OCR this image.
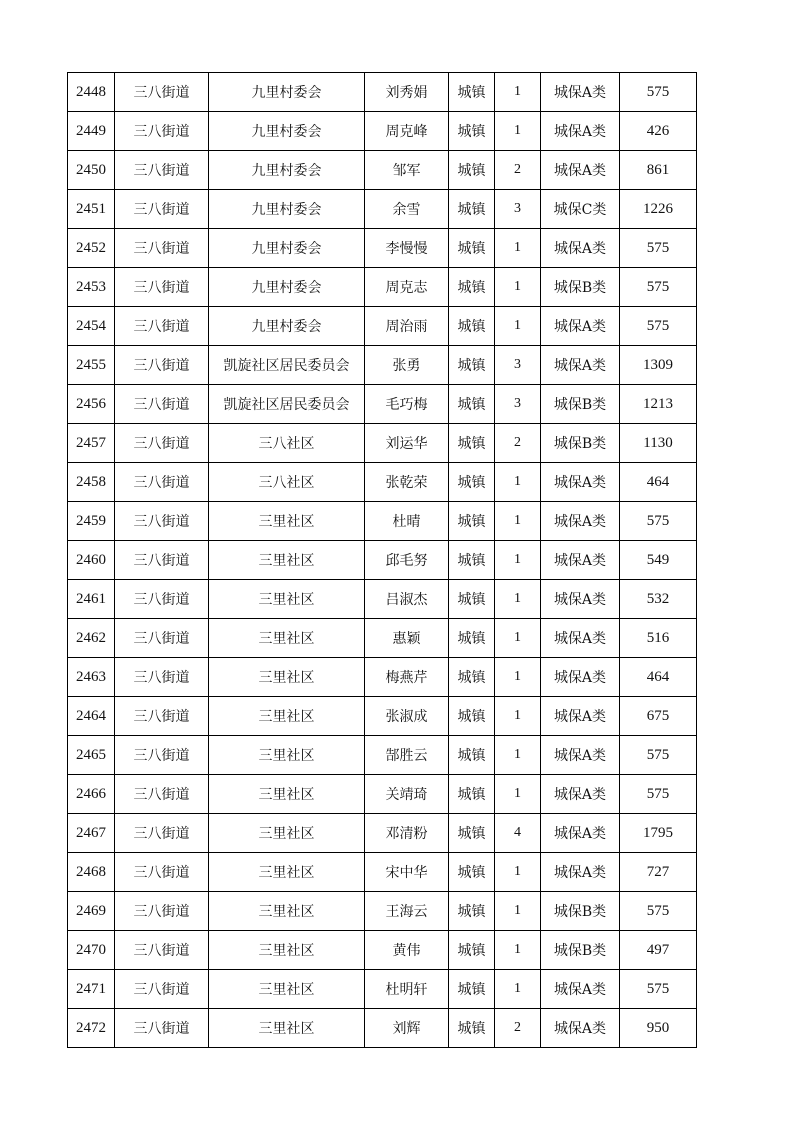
2448	三八街道	九里村委会	刘秀娟	城镇	1	城保A类	575
2449	三八街道	九里村委会	周克峰	城镇	1	城保A类	426
2450	三八街道	九里村委会	邹军	城镇	2	城保A类	861
2451	三八街道	九里村委会	余雪	城镇	3	城保C类	1226
2452	三八街道	九里村委会	李慢慢	城镇	1	城保A类	575
2453	三八街道	九里村委会	周克志	城镇	1	城保B类	575
2454	三八街道	九里村委会	周治雨	城镇	1	城保A类	575
2455	三八街道	凯旋社区居民委员会	张勇	城镇	3	城保A类	1309
2456	三八街道	凯旋社区居民委员会	毛巧梅	城镇	3	城保B类	1213
2457	三八街道	三八社区	刘运华	城镇	2	城保B类	1130
2458	三八街道	三八社区	张乾荣	城镇	1	城保A类	464
2459	三八街道	三里社区	杜晴	城镇	1	城保A类	575
2460	三八街道	三里社区	邱毛努	城镇	1	城保A类	549
2461	三八街道	三里社区	吕淑杰	城镇	1	城保A类	532
2462	三八街道	三里社区	惠颖	城镇	1	城保A类	516
2463	三八街道	三里社区	梅燕芹	城镇	1	城保A类	464
2464	三八街道	三里社区	张淑成	城镇	1	城保A类	675
2465	三八街道	三里社区	郜胜云	城镇	1	城保A类	575
2466	三八街道	三里社区	关靖琦	城镇	1	城保A类	575
2467	三八街道	三里社区	邓清粉	城镇	4	城保A类	1795
2468	三八街道	三里社区	宋中华	城镇	1	城保A类	727
2469	三八街道	三里社区	王海云	城镇	1	城保B类	575
2470	三八街道	三里社区	黄伟	城镇	1	城保B类	497
2471	三八街道	三里社区	杜明轩	城镇	1	城保A类	575
2472	三八街道	三里社区	刘辉	城镇	2	城保A类	950
